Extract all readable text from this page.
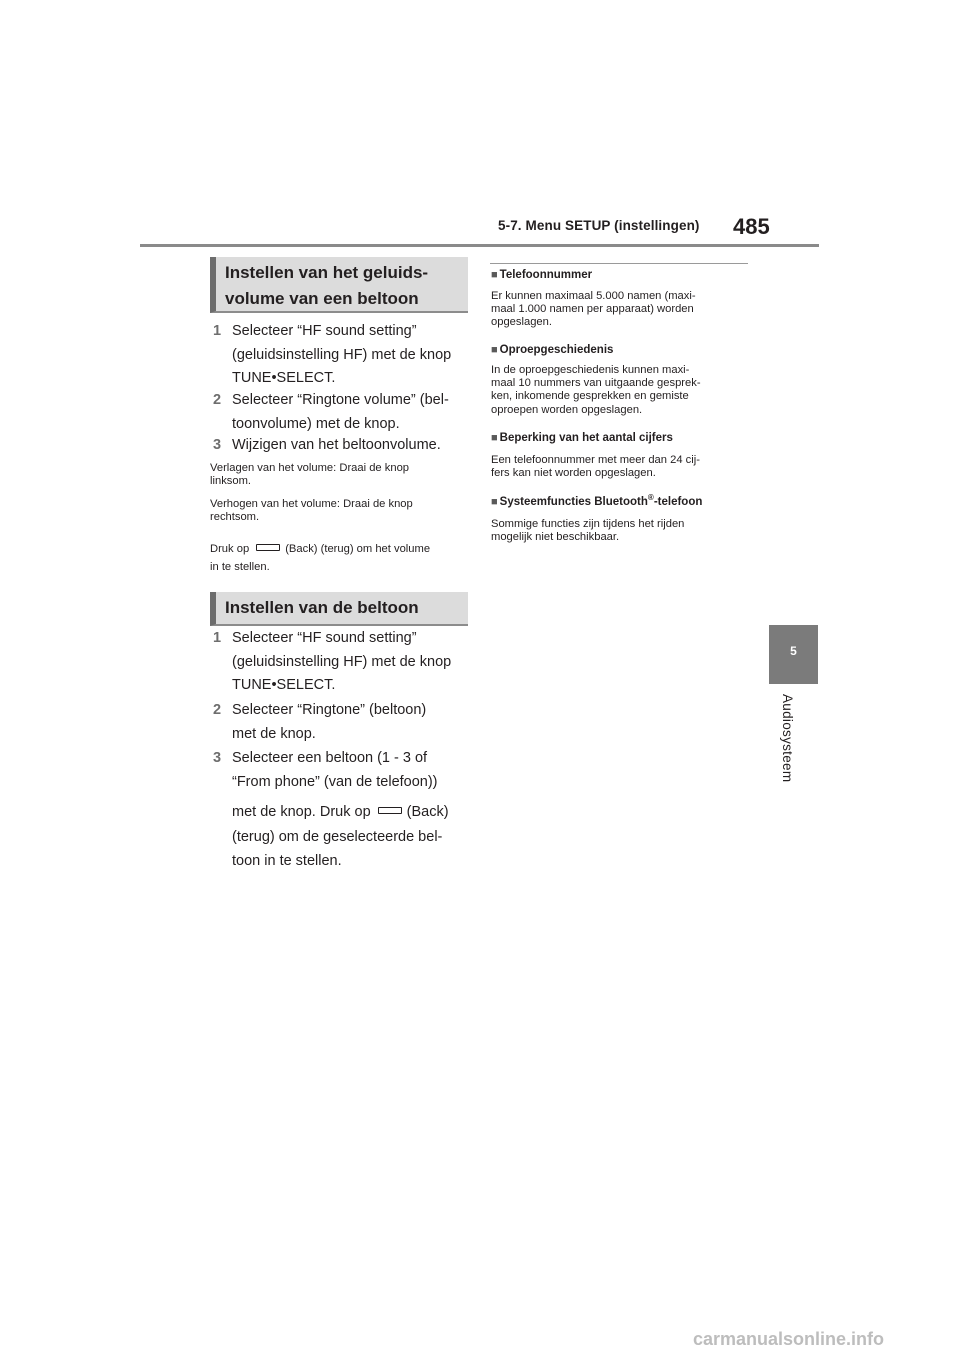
5-7. Menu SETUP (instellingen) 485
5
Audiosysteem
Instellen van het geluids-
volume van een beltoon
1 Selecteer “HF sound setting”
(geluidsinstelling HF) met de knop
TUNE•SELECT.
2 Selecteer “Ringtone volume” (bel-
toonvolume) met de knop.
3 Wijzigen van het beltoonvolume.
Verlagen van het volume: Draai de knop
linksom.
Verhogen van het volume: Draai de knop
rechtsom.
Druk op	(Back) (terug) om het volume
in te stellen.
Instellen van de beltoon
1 Selecteer “HF sound setting”
(geluidsinstelling HF) met de knop
TUNE•SELECT.
2 Selecteer “Ringtone” (beltoon)
met de knop.
3 Selecteer een beltoon (1 - 3 of
“From phone” (van de telefoon))
met de knop. Druk op (Back)
(terug) om de geselecteerde bel-
toon in te stellen.
■ Telefoonnummer
Er kunnen maximaal 5.000 namen (maxi-
maal 1.000 namen per apparaat) worden
opgeslagen.
■ Oproepgeschiedenis
In de oproepgeschiedenis kunnen maxi-
maal 10 nummers van uitgaande gesprek-
ken, inkomende gesprekken en gemiste
oproepen worden opgeslagen.
■ Beperking van het aantal cijfers
Een telefoonnummer met meer dan 24 cij-
fers kan niet worden opgeslagen.
■ Systeemfuncties Bluetooth®-telefoon
Sommige functies zijn tijdens het rijden
mogelijk niet beschikbaar.
carmanualsonline.info
